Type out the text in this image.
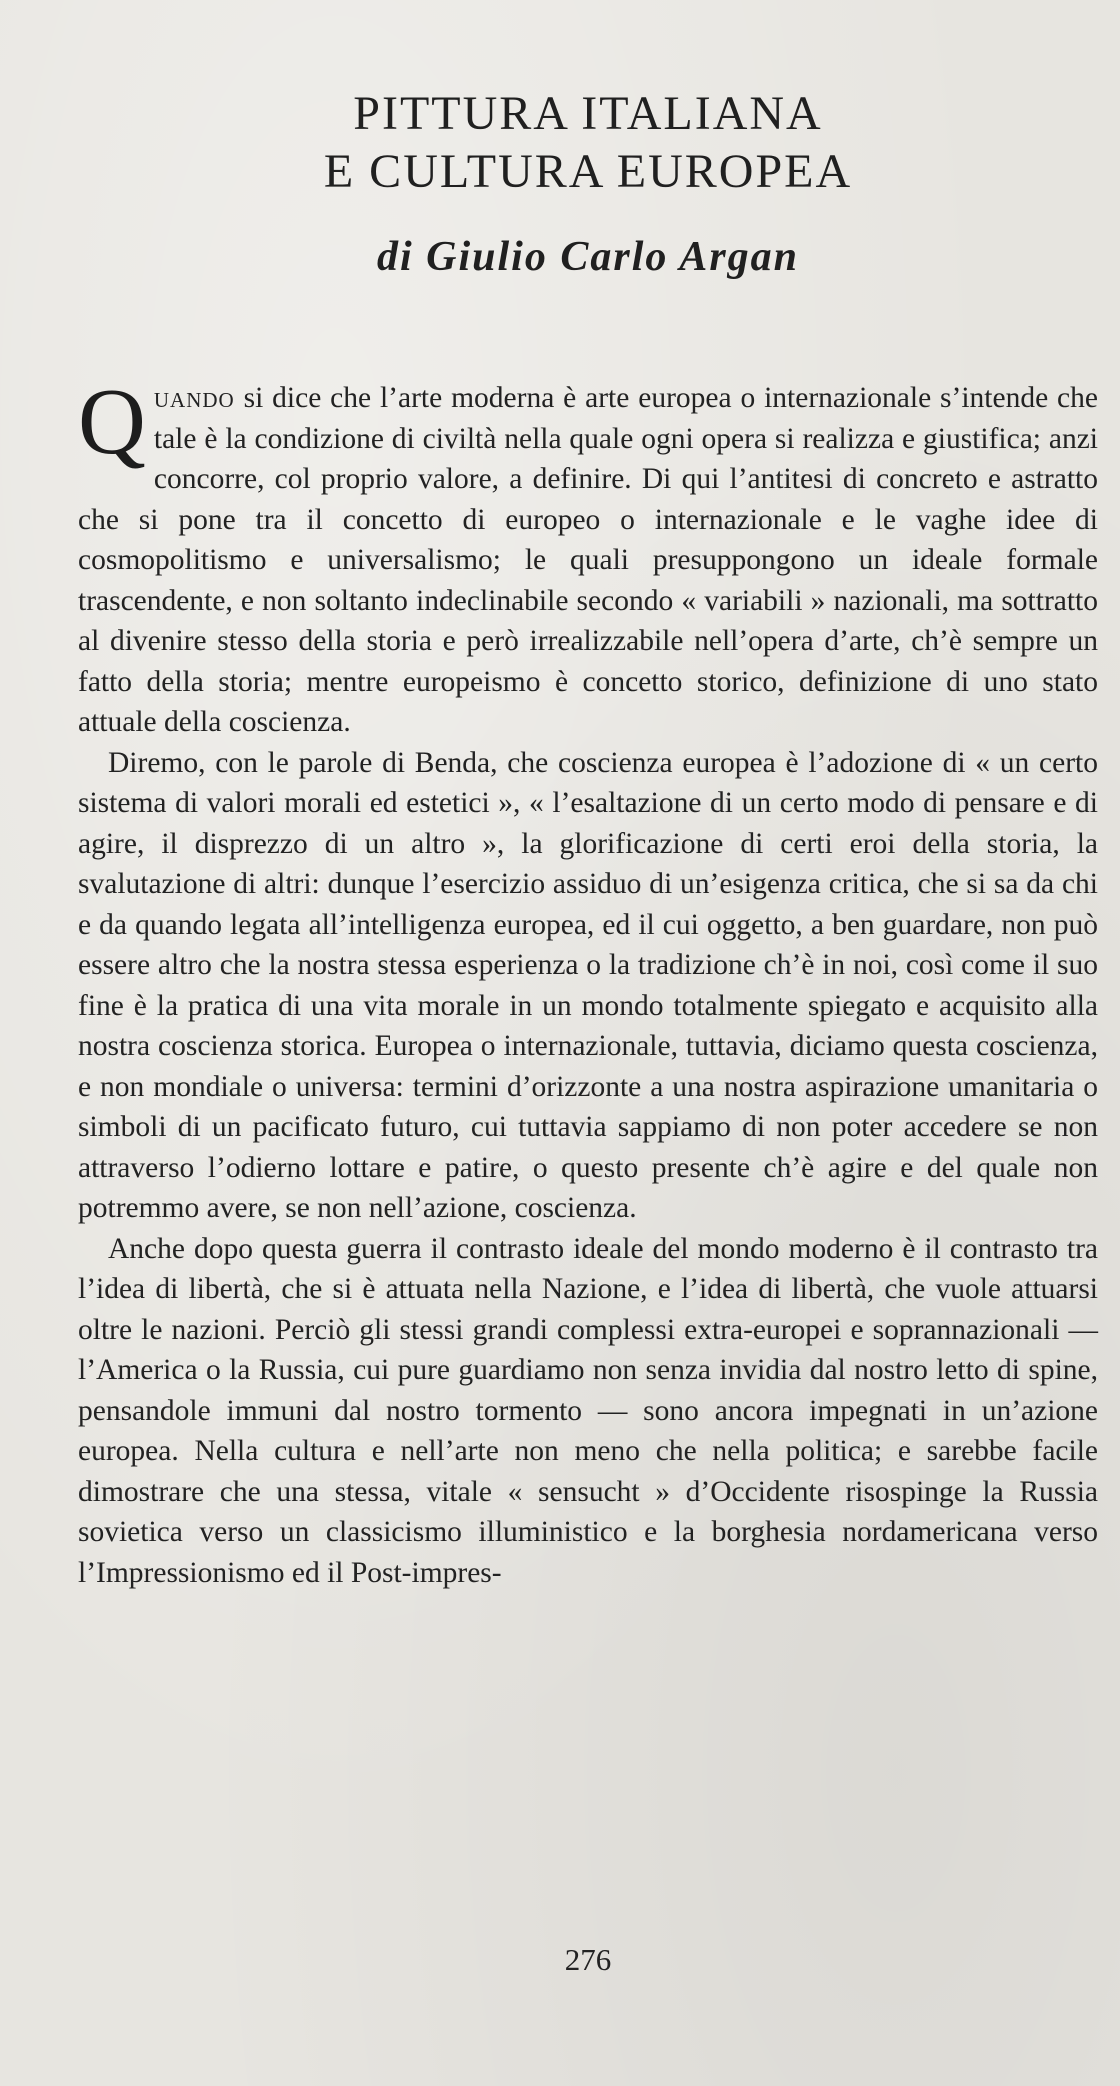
PITTURA ITALIANA
E CULTURA EUROPEA
di Giulio Carlo Argan

Quando si dice che l’arte moderna è arte europea o internazionale s’intende che tale è la condizione di civiltà nella quale ogni opera si realizza e giustifica; anzi concorre, col proprio valore, a definire. Di qui l’antitesi di concreto e astratto che si pone tra il concetto di europeo o internazionale e le vaghe idee di cosmopolitismo e universalismo; le quali presuppongono un ideale formale trascendente, e non soltanto indeclinabile secondo « variabili » nazionali, ma sottratto al divenire stesso della storia e però irrealizzabile nell’opera d’arte, ch’è sempre un fatto della storia; mentre europeismo è concetto storico, definizione di uno stato attuale della coscienza.

Diremo, con le parole di Benda, che coscienza europea è l’adozione di « un certo sistema di valori morali ed estetici », « l’esaltazione di un certo modo di pensare e di agire, il disprezzo di un altro », la glorificazione di certi eroi della storia, la svalutazione di altri: dunque l’esercizio assiduo di un’esigenza critica, che si sa da chi e da quando legata all’intelligenza europea, ed il cui oggetto, a ben guardare, non può essere altro che la nostra stessa esperienza o la tradizione ch’è in noi, così come il suo fine è la pratica di una vita morale in un mondo totalmente spiegato e acquisito alla nostra coscienza storica. Europea o internazionale, tuttavia, diciamo questa coscienza, e non mondiale o universa: termini d’orizzonte a una nostra aspirazione umanitaria o simboli di un pacificato futuro, cui tuttavia sappiamo di non poter accedere se non attraverso l’odierno lottare e patire, o questo presente ch’è agire e del quale non potremmo avere, se non nell’azione, coscienza.

Anche dopo questa guerra il contrasto ideale del mondo moderno è il contrasto tra l’idea di libertà, che si è attuata nella Nazione, e l’idea di libertà, che vuole attuarsi oltre le nazioni. Perciò gli stessi grandi complessi extra-europei e soprannazionali — l’America o la Russia, cui pure guardiamo non senza invidia dal nostro letto di spine, pensandole immuni dal nostro tormento — sono ancora impegnati in un’azione europea. Nella cultura e nell’arte non meno che nella politica; e sarebbe facile dimostrare che una stessa, vitale « sensucht » d’Occidente risospinge la Russia sovietica verso un classicismo illuministico e la borghesia nordamericana verso l’Impressionismo ed il Post-impres-

276
